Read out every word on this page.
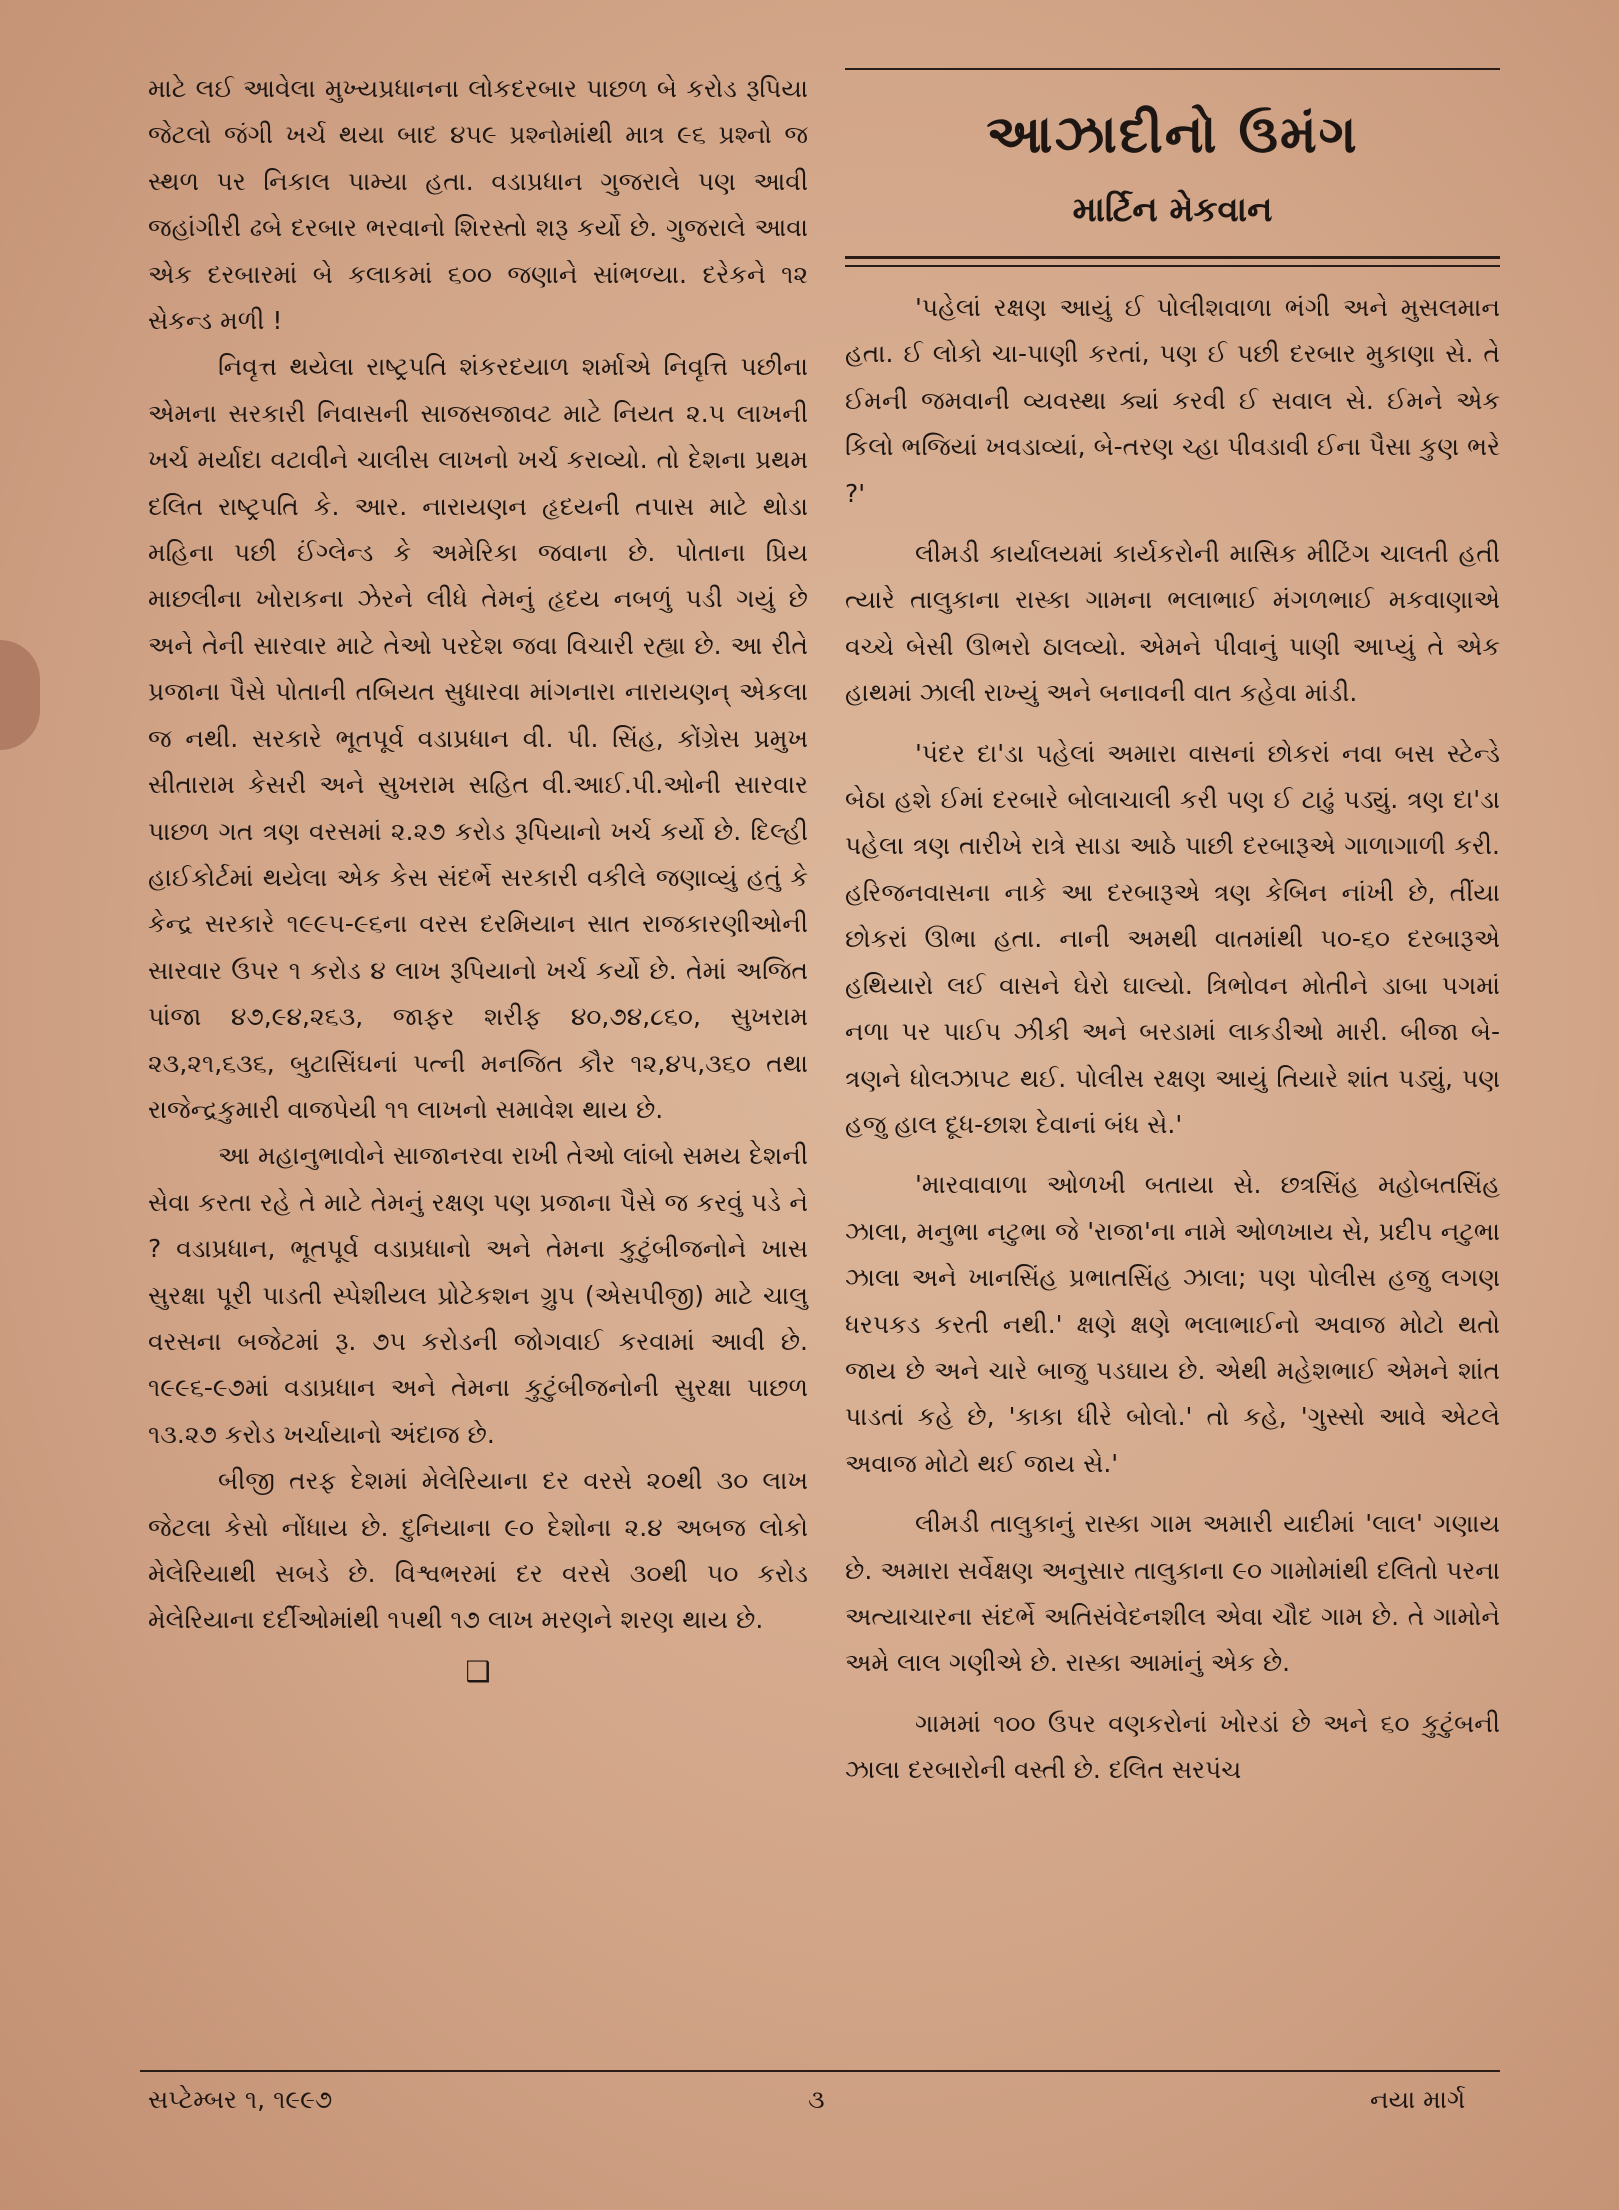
માટે લઈ આવેલા મુખ્યપ્રધાનના લોકદરબાર પાછળ બે કરોડ રૂપિયા જેટલો જંગી ખર્ચ થયા બાદ ૪૫૯ પ્રશ્નોમાંથી માત્ર ૯૬ પ્રશ્નો જ સ્થળ પર નિકાલ પામ્યા હતા. વડાપ્રધાન ગુજરાલે પણ આવી જહાંગીરી ઢબે દરબાર ભરવાનો શિરસ્તો શરૂ કર્યો છે. ગુજરાલે આવા એક દરબારમાં બે કલાકમાં ૬૦૦ જણાને સાંભળ્યા. દરેકને ૧૨ સેકન્ડ મળી !

નિવૃત્ત થયેલા રાષ્ટ્રપતિ શંકરદયાળ શર્માએ નિવૃત્તિ પછીના એમના સરકારી નિવાસની સાજસજાવટ માટે નિયત ૨.૫ લાખની ખર્ચ મર્યાદા વટાવીને ચાલીસ લાખનો ખર્ચ કરાવ્યો. તો દેશના પ્રથમ દલિત રાષ્ટ્રપતિ કે. આર. નારાયણન હૃદયની તપાસ માટે થોડા મહિના પછી ઈંગ્લેન્ડ કે અમેરિકા જવાના છે. પોતાના પ્રિય માછલીના ખોરાકના ઝેરને લીધે તેમનું હૃદય નબળું પડી ગયું છે અને તેની સારવાર માટે તેઓ પરદેશ જવા વિચારી રહ્યા છે. આ રીતે પ્રજાના પૈસે પોતાની તબિયત સુધારવા માંગનારા નારાયણન્ એકલા જ નથી. સરકારે ભૂતપૂર્વ વડાપ્રધાન વી. પી. સિંહ, કોંગ્રેસ પ્રમુખ સીતારામ કેસરી અને સુખરામ સહિત વી.આઈ.પી.ઓની સારવાર પાછળ ગત ત્રણ વરસમાં ૨.૨૭ કરોડ રૂપિયાનો ખર્ચ કર્યો છે. દિલ્હી હાઈકોર્ટમાં થયેલા એક કેસ સંદર્ભે સરકારી વકીલે જણાવ્યું હતું કે કેન્દ્ર સરકારે ૧૯૯૫-૯૬ના વરસ દરમિયાન સાત રાજકારણીઓની સારવાર ઉપર ૧ કરોડ ૪ લાખ રૂપિયાનો ખર્ચ કર્યો છે. તેમાં અજિત પાંજા ૪૭,૯૪,૨૬૩, જાફર શરીફ ૪૦,૭૪,૮૬૦, સુખરામ ૨૩,૨૧,૬૩૬, બુટાસિંઘનાં પત્ની મનજિત કૌર ૧૨,૪૫,૩૬૦ તથા રાજેન્દ્રકુમારી વાજપેયી ૧૧ લાખનો સમાવેશ થાય છે.

આ મહાનુભાવોને સાજાનરવા રાખી તેઓ લાંબો સમય દેશની સેવા કરતા રહે તે માટે તેમનું રક્ષણ પણ પ્રજાના પૈસે જ કરવું પડે ને ? વડાપ્રધાન, ભૂતપૂર્વ વડાપ્રધાનો અને તેમના કુટુંબીજનોને ખાસ સુરક્ષા પૂરી પાડતી સ્પેશીયલ પ્રોટેકશન ગ્રુપ (એસપીજી) માટે ચાલુ વરસના બજેટમાં રૂ. ૭૫ કરોડની જોગવાઈ કરવામાં આવી છે. ૧૯૯૬-૯૭માં વડાપ્રધાન અને તેમના કુટુંબીજનોની સુરક્ષા પાછળ ૧૩.૨૭ કરોડ ખર્ચાયાનો અંદાજ છે.

બીજી તરફ દેશમાં મેલેરિયાના દર વરસે ૨૦થી ૩૦ લાખ જેટલા કેસો નોંધાય છે. દુનિયાના ૯૦ દેશોના ૨.૪ અબજ લોકો મેલેરિયાથી સબડે છે. વિશ્વભરમાં દર વરસે ૩૦થી ૫૦ કરોડ મેલેરિયાના દર્દીઓમાંથી ૧૫થી ૧૭ લાખ મરણને શરણ થાય છે.

❑
આઝાદીનો ઉમંગ
માર્ટિન મેકવાન

'પહેલાં રક્ષણ આયું ઈ પોલીશવાળા ભંગી અને મુસલમાન હતા. ઈ લોકો ચા-પાણી કરતાં, પણ ઈ પછી દરબાર મુકાણા સે. તે ઈમની જમવાની વ્યવસ્થા ક્યાં કરવી ઈ સવાલ સે. ઈમને એક કિલો ભજિયાં ખવડાવ્યાં, બે-તરણ ચ્હા પીવડાવી ઈના પૈસા કુણ ભરે ?'

લીમડી કાર્યાલયમાં કાર્યકરોની માસિક મીટિંગ ચાલતી હતી ત્યારે તાલુકાના રાસ્કા ગામના ભલાભાઈ મંગળભાઈ મકવાણાએ વચ્ચે બેસી ઊભરો ઠાલવ્યો. એમને પીવાનું પાણી આપ્યું તે એક હાથમાં ઝાલી રાખ્યું અને બનાવની વાત કહેવા માંડી.

'પંદર દા'ડા પહેલાં અમારા વાસનાં છોકરાં નવા બસ સ્ટેન્ડે બેઠા હશે ઈમાં દરબારે બોલાચાલી કરી પણ ઈ ટાઢું પડ્યું. ત્રણ દા'ડા પહેલા ત્રણ તારીખે રાત્રે સાડા આઠે પાછી દરબારૂએ ગાળાગાળી કરી. હરિજનવાસના નાકે આ દરબારૂએ ત્રણ કેબિન નાંખી છે, તીંયા છોકરાં ઊભા હતા. નાની અમથી વાતમાંથી ૫૦-૬૦ દરબારૂએ હથિયારો લઈ વાસને ઘેરો ઘાલ્યો. ત્રિભોવન મોતીને ડાબા પગમાં નળા પર પાઈપ ઝીકી અને બરડામાં લાકડીઓ મારી. બીજા બે-ત્રણને ધોલઝાપટ થઈ. પોલીસ રક્ષણ આયું તિયારે શાંત પડ્યું, પણ હજુ હાલ દૂધ-છાશ દેવાનાં બંધ સે.'

'મારવાવાળા ઓળખી બતાયા સે. છત્રસિંહ મહોબતસિંહ ઝાલા, મનુભા નટુભા જે 'રાજા'ના નામે ઓળખાય સે, પ્રદીપ નટુભા ઝાલા અને ખાનસિંહ પ્રભાતસિંહ ઝાલા; પણ પોલીસ હજુ લગણ ધરપકડ કરતી નથી.' ક્ષણે ક્ષણે ભલાભાઈનો અવાજ મોટો થતો જાય છે અને ચારે બાજુ પડઘાય છે. એથી મહેશભાઈ એમને શાંત પાડતાં કહે છે, 'કાકા ધીરે બોલો.' તો કહે, 'ગુસ્સો આવે એટલે અવાજ મોટો થઈ જાય સે.'

લીમડી તાલુકાનું રાસ્કા ગામ અમારી યાદીમાં 'લાલ' ગણાય છે. અમારા સર્વેક્ષણ અનુસાર તાલુકાના ૯૦ ગામોમાંથી દલિતો પરના અત્યાચારના સંદર્ભે અતિસંવેદનશીલ એવા ચૌદ ગામ છે. તે ગામોને અમે લાલ ગણીએ છે. રાસ્કા આમાંનું એક છે.

ગામમાં ૧૦૦ ઉપર વણકરોનાં ખોરડાં છે અને ૬૦ કુટુંબની ઝાલા દરબારોની વસ્તી છે. દલિત સરપંચ

સપ્ટેમ્બર ૧, ૧૯૯૭	૩	નયા માર્ગ
